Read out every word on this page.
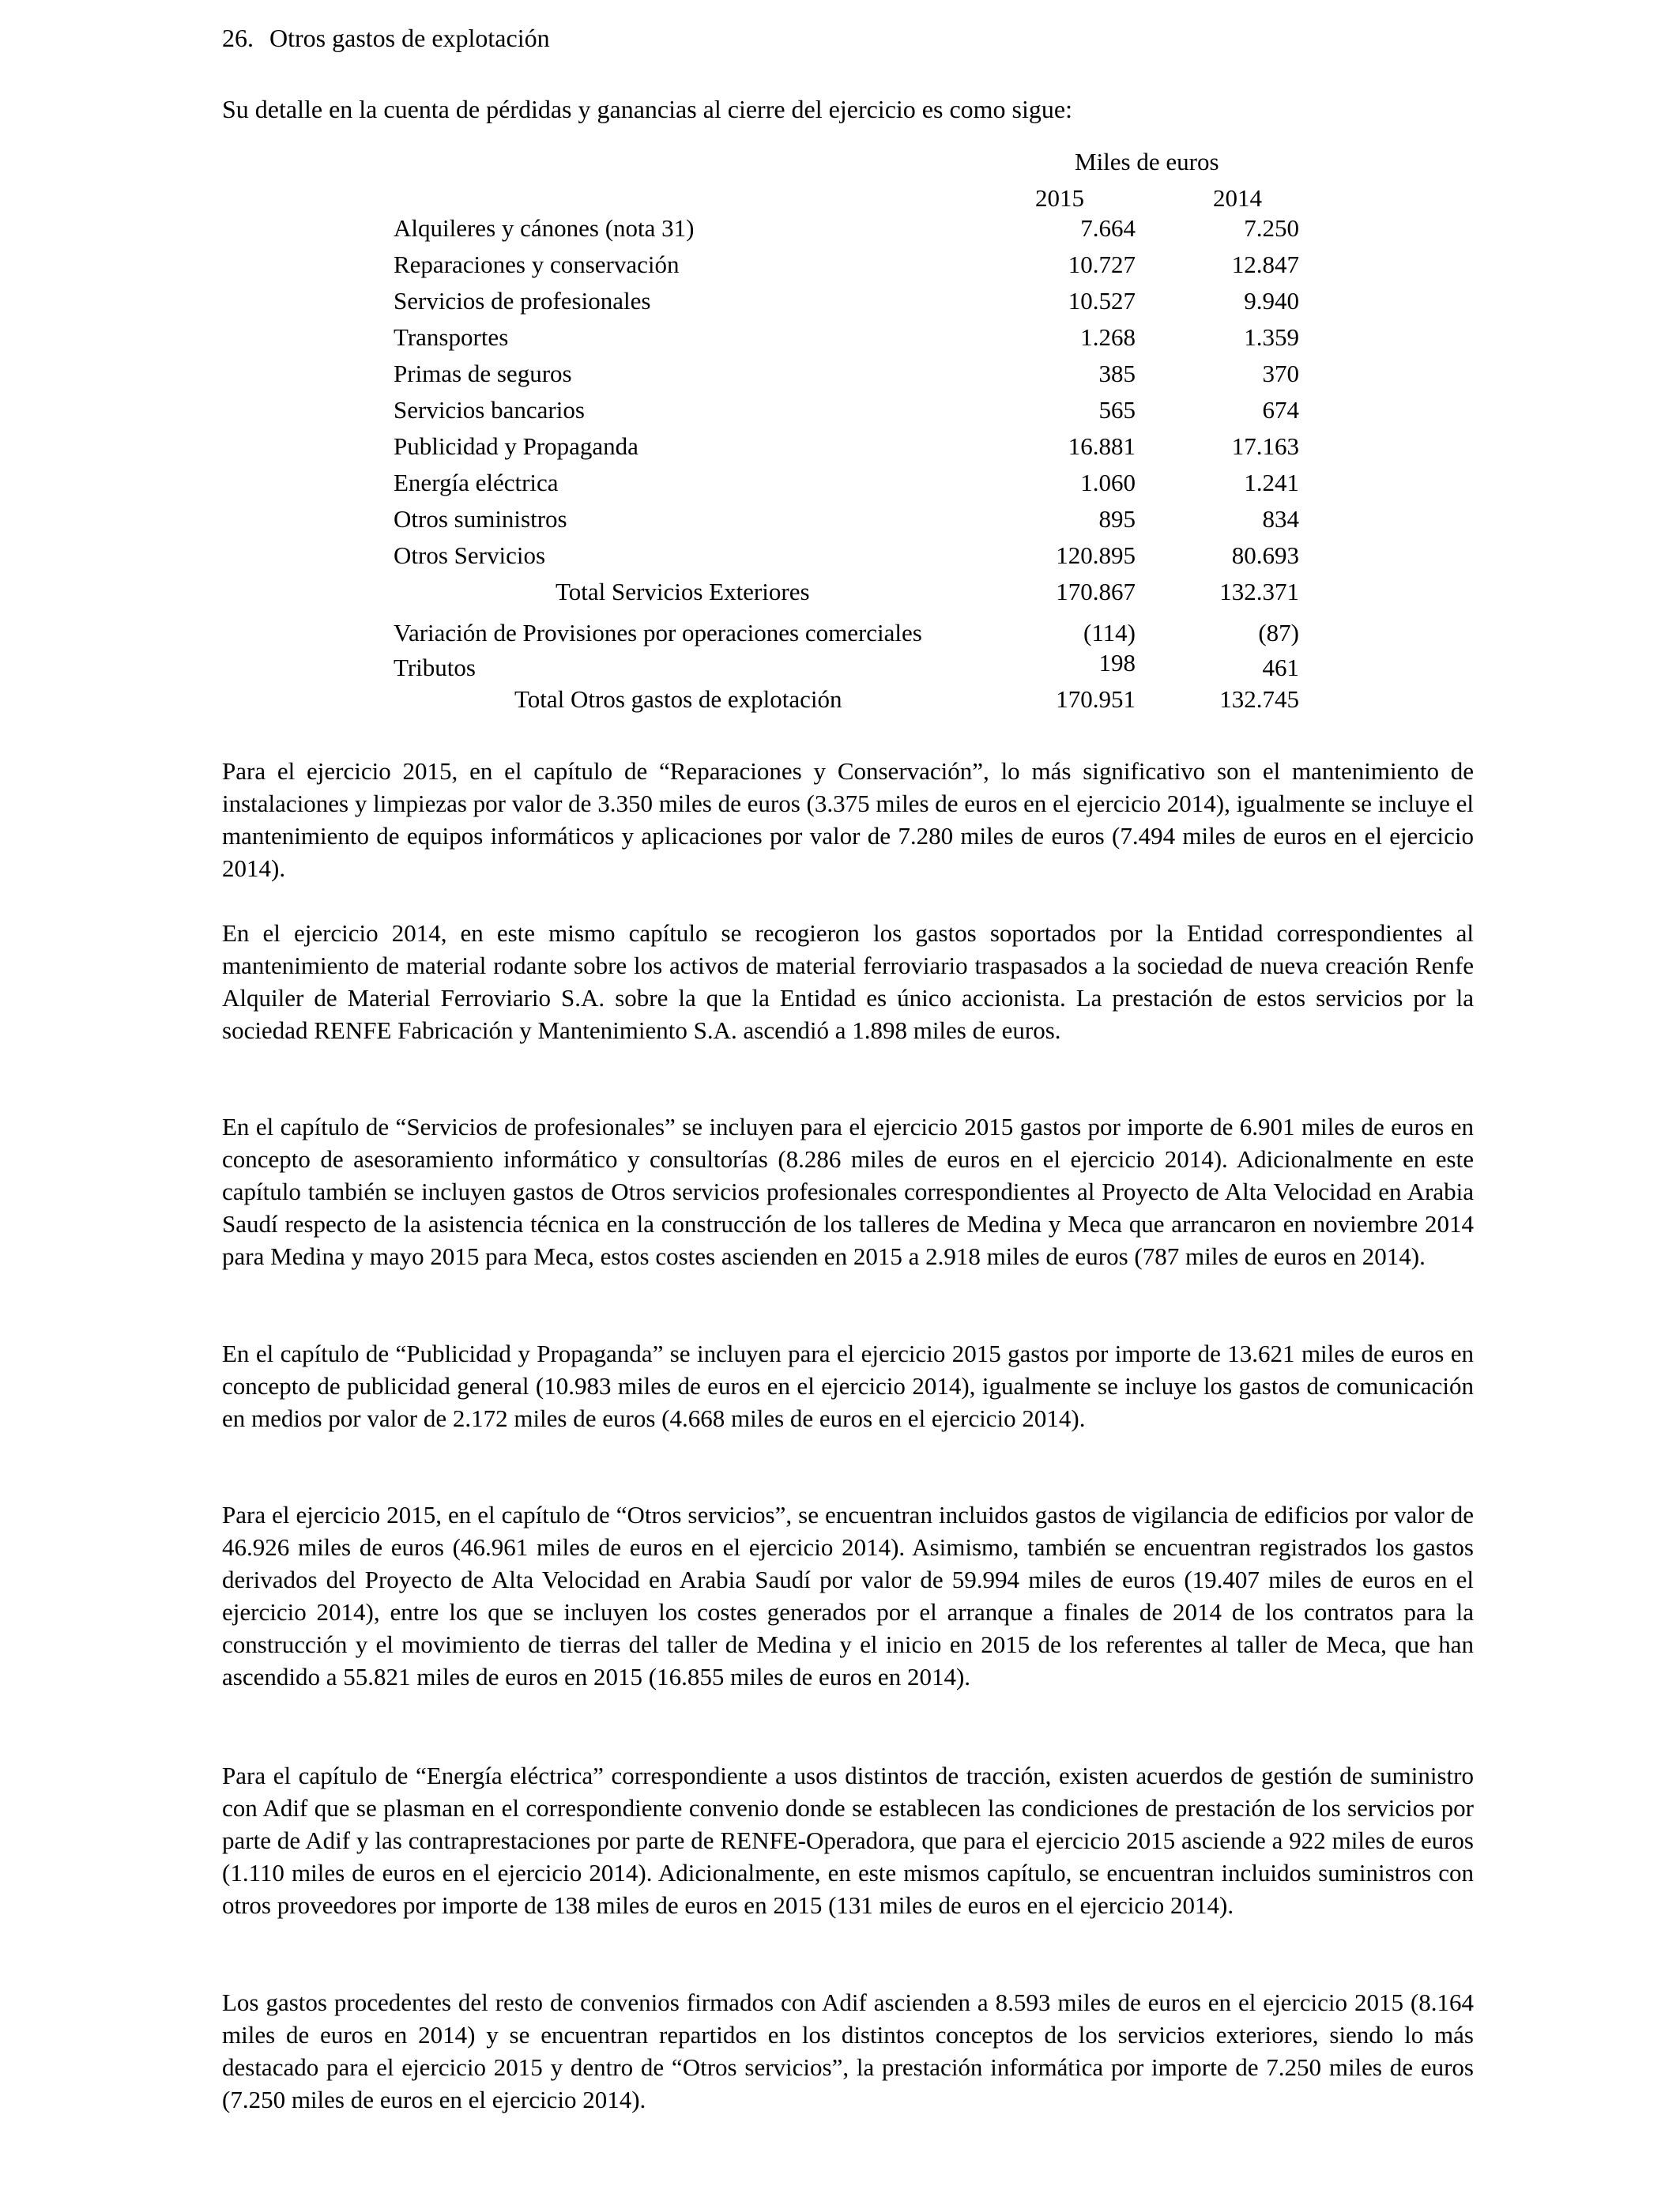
26. Otros gastos de explotación
Su detalle en la cuenta de pérdidas y ganancias al cierre del ejercicio es como sigue:
Miles de euros
2015	2014
Alquileres y cánones (nota 31)	7.664	7.250
Reparaciones y conservación	10.727	12.847
Servicios de profesionales	10.527	9.940
Transportes	1.268	1.359
Primas de seguros	385	370
Servicios bancarios	565	674
Publicidad y Propaganda	16.881	17.163
Energía eléctrica	1.060	1.241
Otros suministros	895	834
Otros Servicios	120.895	80.693
Total Servicios Exteriores	170.867	132.371
Variación de Provisiones por operaciones comerciales	(114)	(87)
Tributos	198	461
Total Otros gastos de explotación	170.951	132.745
Para el ejercicio 2015, en el capítulo de “Reparaciones y Conservación”, lo más significativo son el mantenimiento de instalaciones y limpiezas por valor de 3.350 miles de euros (3.375 miles de euros en el ejercicio 2014), igualmente se incluye el mantenimiento de equipos informáticos y aplicaciones por valor de 7.280 miles de euros (7.494 miles de euros en el ejercicio 2014).
En el ejercicio 2014, en este mismo capítulo se recogieron los gastos soportados por la Entidad correspondientes al mantenimiento de material rodante sobre los activos de material ferroviario traspasados a la sociedad de nueva creación Renfe Alquiler de Material Ferroviario S.A. sobre la que la Entidad es único accionista. La prestación de estos servicios por la sociedad RENFE Fabricación y Mantenimiento S.A. ascendió a 1.898 miles de euros.
En el capítulo de “Servicios de profesionales” se incluyen para el ejercicio 2015 gastos por importe de 6.901 miles de euros en concepto de asesoramiento informático y consultorías (8.286 miles de euros en el ejercicio 2014). Adicionalmente en este capítulo también se incluyen gastos de Otros servicios profesionales correspondientes al Proyecto de Alta Velocidad en Arabia Saudí respecto de la asistencia técnica en la construcción de los talleres de Medina y Meca que arrancaron en noviembre 2014 para Medina y mayo 2015 para Meca, estos costes ascienden en 2015 a 2.918 miles de euros (787 miles de euros en 2014).
En el capítulo de “Publicidad y Propaganda” se incluyen para el ejercicio 2015 gastos por importe de 13.621 miles de euros en concepto de publicidad general (10.983 miles de euros en el ejercicio 2014), igualmente se incluye los gastos de comunicación en medios por valor de 2.172 miles de euros (4.668 miles de euros en el ejercicio 2014).
Para el ejercicio 2015, en el capítulo de “Otros servicios”, se encuentran incluidos gastos de vigilancia de edificios por valor de 46.926 miles de euros (46.961 miles de euros en el ejercicio 2014). Asimismo, también se encuentran registrados los gastos derivados del Proyecto de Alta Velocidad en Arabia Saudí por valor de 59.994 miles de euros (19.407 miles de euros en el ejercicio 2014), entre los que se incluyen los costes generados por el arranque a finales de 2014 de los contratos para la construcción y el movimiento de tierras del taller de Medina y el inicio en 2015 de los referentes al taller de Meca, que han ascendido a 55.821 miles de euros en 2015 (16.855 miles de euros en 2014).
Para el capítulo de “Energía eléctrica” correspondiente a usos distintos de tracción, existen acuerdos de gestión de suministro con Adif que se plasman en el correspondiente convenio donde se establecen las condiciones de prestación de los servicios por parte de Adif y las contraprestaciones por parte de RENFE-Operadora, que para el ejercicio 2015 asciende a 922 miles de euros (1.110 miles de euros en el ejercicio 2014). Adicionalmente, en este mismos capítulo, se encuentran incluidos suministros con otros proveedores por importe de 138 miles de euros en 2015 (131 miles de euros en el ejercicio 2014).
Los gastos procedentes del resto de convenios firmados con Adif ascienden a 8.593 miles de euros en el ejercicio 2015 (8.164 miles de euros en 2014) y se encuentran repartidos en los distintos conceptos de los servicios exteriores, siendo lo más destacado para el ejercicio 2015 y dentro de “Otros servicios”, la prestación informática por importe de 7.250 miles de euros (7.250 miles de euros en el ejercicio 2014).
